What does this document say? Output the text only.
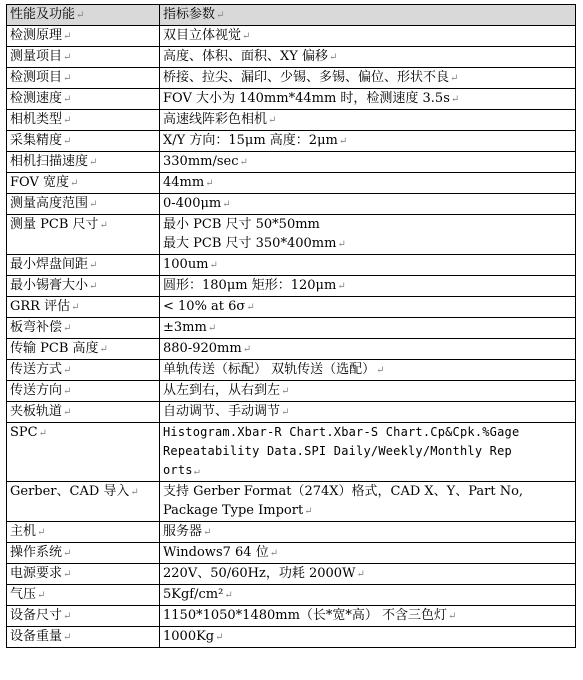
性能及功能↵	指标参数↵
检测原理↵	双目立体视觉↵
测量项目↵	高度、体积、面积、XY 偏移↵
检测项目↵	桥接、拉尖、漏印、少锡、多锡、偏位、形状不良↵
检测速度↵	FOV 大小为 140mm*44mm 时，检测速度 3.5s↵
相机类型↵	高速线阵彩色相机↵
采集精度↵	X/Y 方向：15μm 高度：2μm↵
相机扫描速度↵	330mm/sec↵
FOV 宽度↵	44mm↵
测量高度范围↵	0-400μm↵
测量 PCB 尺寸↵	最小 PCB 尺寸 50*50mm
最大 PCB 尺寸 350*400mm↵
最小焊盘间距↵	100um↵
最小锡膏大小↵	圆形：180μm 矩形：120μm↵
GRR 评估↵	< 10% at 6σ↵
板弯补偿↵	±3mm↵
传输 PCB 高度↵	880-920mm↵
传送方式↵	单轨传送（标配） 双轨传送（选配）↵
传送方向↵	从左到右，从右到左↵
夹板轨道↵	自动调节、手动调节↵
SPC↵	Histogram.Xbar-R Chart.Xbar-S Chart.Cp&Cpk.%Gage
Repeatability Data.SPI Daily/Weekly/Monthly Rep
orts↵
Gerber、CAD 导入↵	支持 Gerber Format（274X）格式，CAD X、Y、Part No,
Package Type Import↵
主机↵	服务器↵
操作系统↵	Windows7 64 位↵
电源要求↵	220V、50/60Hz，功耗 2000W↵
气压↵	5Kgf/cm²↵
设备尺寸↵	1150*1050*1480mm（长*宽*高） 不含三色灯↵
设备重量↵	1000Kg↵
